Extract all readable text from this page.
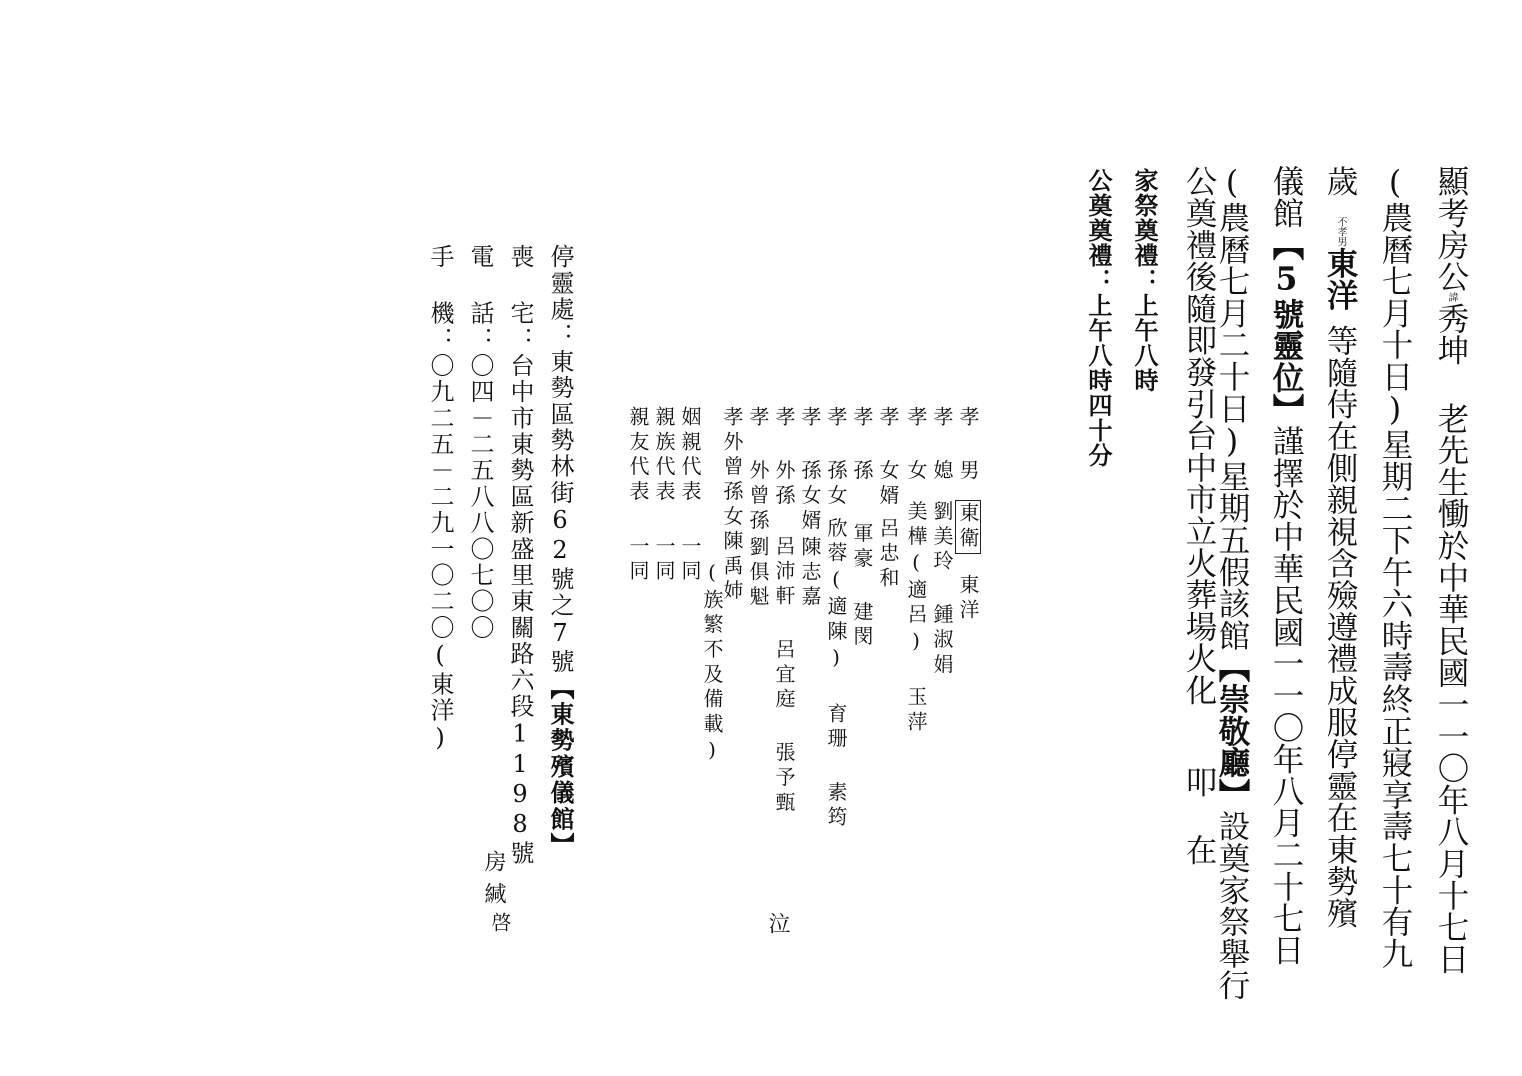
顯考房公諱秀坤 老先生慟於中華民國一一〇年八月十七日
(農曆七月十日)星期二下午六時壽終正寢享壽七十有九
歲不孝男東洋等隨侍在側親視含殮遵禮成服停靈在東勢殯
儀館【5號靈位】謹擇於中華民國一一〇年八月二十七日
(農曆七月二十日)星期五假該館【崇敬廳】設奠家祭舉行
公奠禮後隨即發引台中市立火葬場火化叩 在
家祭奠禮：上午八時
公奠奠禮：上午八時四十分
孝 男東衛東洋
孝 媳劉美玲 鍾淑娟
孝 女美樺(適呂) 玉萍
孝 女婿呂忠和
孝 孫軍豪 建閔
孝 孫女欣蓉(適陳) 育珊 素筠
孝 孫女婿陳志嘉
孝 外孫呂沛軒 呂宜庭 張予甄
孝 外曾孫劉俱魁
孝外曾孫女陳禹姉
姻親代表一同
(族繁不及備載)
親族代表一同
親友代表一同
泣
停靈處：東勢區勢林街62號之7號【東勢殯儀館】
喪 宅：台中市東勢區新盛里東關路六段1198號
電 話：〇四－二五八八〇七〇〇
手 機：〇九二五－二九一〇二〇(東洋)
房
緘
啓
